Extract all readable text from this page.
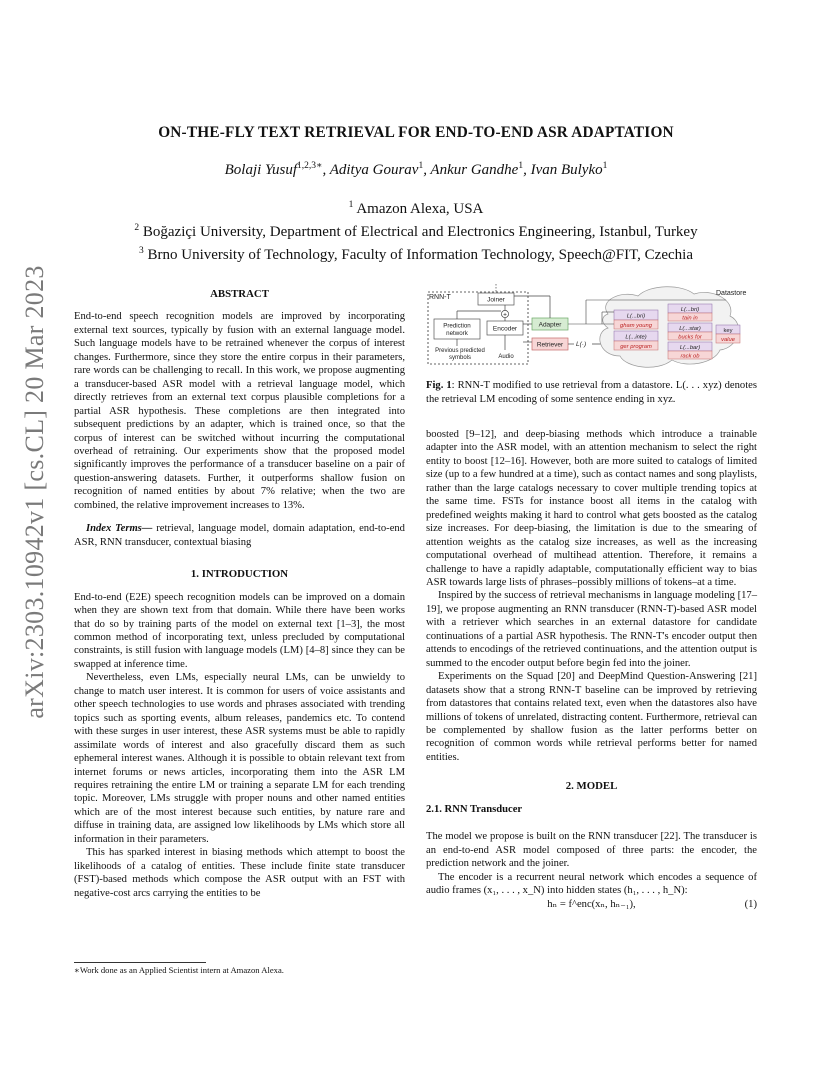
arXiv:2303.10942v1 [cs.CL] 20 Mar 2023
ON-THE-FLY TEXT RETRIEVAL FOR END-TO-END ASR ADAPTATION
Bolaji Yusuf$^{1,2,3∗}$, Aditya Gourav$^1$, Ankur Gandhe$^1$, Ivan Bulyko$^1$
$^1$ Amazon Alexa, USA
$^2$ Boğaziçi University, Department of Electrical and Electronics Engineering, Istanbul, Turkey
$^3$ Brno University of Technology, Faculty of Information Technology, Speech@FIT, Czechia
ABSTRACT

End-to-end speech recognition models are improved by incorporating external text sources, typically by fusion with an external language model. Such language models have to be retrained whenever the corpus of interest changes. Furthermore, since they store the entire corpus in their parameters, rare words can be challenging to recall. In this work, we propose augmenting a transducer-based ASR model with a retrieval language model, which directly retrieves from an external text corpus plausible completions for a partial ASR hypothesis. These completions are then integrated into subsequent predictions by an adapter, which is trained once, so that the corpus of interest can be switched without incurring the computational overhead of retraining. Our experiments show that the proposed model significantly improves the performance of a transducer baseline on a pair of question-answering datasets. Further, it outperforms shallow fusion on recognition of named entities by about 7% relative; when the two are combined, the relative improvement increases to 13%.

Index Terms— retrieval, language model, domain adaptation, end-to-end ASR, RNN transducer, contextual biasing

1. INTRODUCTION

End-to-end (E2E) speech recognition models can be improved on a domain when they are shown text from that domain. While there have been works that do so by training parts of the model on external text [1–3], the most common method of incorporating text, unless precluded by computational constraints, is still fusion with language models (LM) [4–8] since they can be swapped at inference time.

Nevertheless, even LMs, especially neural LMs, can be unwieldy to change to match user interest. It is common for users of voice assistants and other speech technologies to use words and phrases associated with trending topics such as sporting events, album releases, pandemics etc. To contend with these surges in user interest, these ASR systems must be able to rapidly assimilate words of interest and also gracefully discard them as such ephemeral interest wanes. Although it is possible to obtain relevant text from internet forums or news articles, incorporating them into the ASR LM requires retraining the entire LM or training a separate LM for each trending topic. Moreover, LMs struggle with proper nouns and other named entities which are of the most interest because such entities, by nature rare and diffuse in training data, are assigned low likelihoods by LMs which store all information in their parameters.

This has sparked interest in biasing methods which attempt to boost the likelihoods of a catalog of entities. These include finite state transducer (FST)-based methods which compose the ASR output with an FST with negative-cost arcs carrying the entities to be

∗Work done as an Applied Scientist intern at Amazon Alexa.
RNN-T	Joiner
+
Prediction
network
Encoder
Previous predicted
symbols	Audio
Adapter
Retriever L(·)
Datastore
L(...bri)
gham young
L(...inte)
ger program
L(...bri)
tain in
L(...star)
bucks for
L(...bar)
rack ob
key
value
Fig. 1: RNN-T modified to use retrieval from a datastore. L(. . . xyz) denotes the retrieval LM encoding of some sentence ending in xyz.

boosted [9–12], and deep-biasing methods which introduce a trainable adapter into the ASR model, with an attention mechanism to select the right entity to boost [12–16]. However, both are more suited to catalogs of limited size (up to a few hundred at a time), such as contact names and song playlists, rather than the large catalogs necessary to cover multiple trending topics at the same time. FSTs for instance boost all items in the catalog with predefined weights making it hard to control what gets boosted as the catalog size increases. For deep-biasing, the limitation is due to the smearing of attention weights as the catalog size increases, as well as the increasing computational overhead of multihead attention. Therefore, it remains a challenge to have a rapidly adaptable, computationally efficient way to bias ASR towards large lists of phrases–possibly millions of tokens–at a time.

Inspired by the success of retrieval mechanisms in language modeling [17–19], we propose augmenting an RNN transducer (RNN-T)-based ASR model with a retriever which searches in an external datastore for candidate continuations of a partial ASR hypothesis. The RNN-T's encoder output then attends to encodings of the retrieved continuations, and the attention output is summed to the encoder output before begin fed into the joiner.

Experiments on the Squad [20] and DeepMind Question-Answering [21] datasets show that a strong RNN-T baseline can be improved by retrieving from datastores that contains related text, even when the datastores also have millions of tokens of unrelated, distracting content. Furthermore, retrieval can be complemented by shallow fusion as the latter performs better on recognition of common words while retrieval performs better for named entities.

2. MODEL
2.1. RNN Transducer

The model we propose is built on the RNN transducer [22]. The transducer is an end-to-end ASR model composed of three parts: the encoder, the prediction network and the joiner.

The encoder is a recurrent neural network which encodes a sequence of audio frames (x₁, . . . , x_N) into hidden states (h₁, . . . , h_N):

hₙ = f^enc(xₙ, hₙ₋₁),	(1)
